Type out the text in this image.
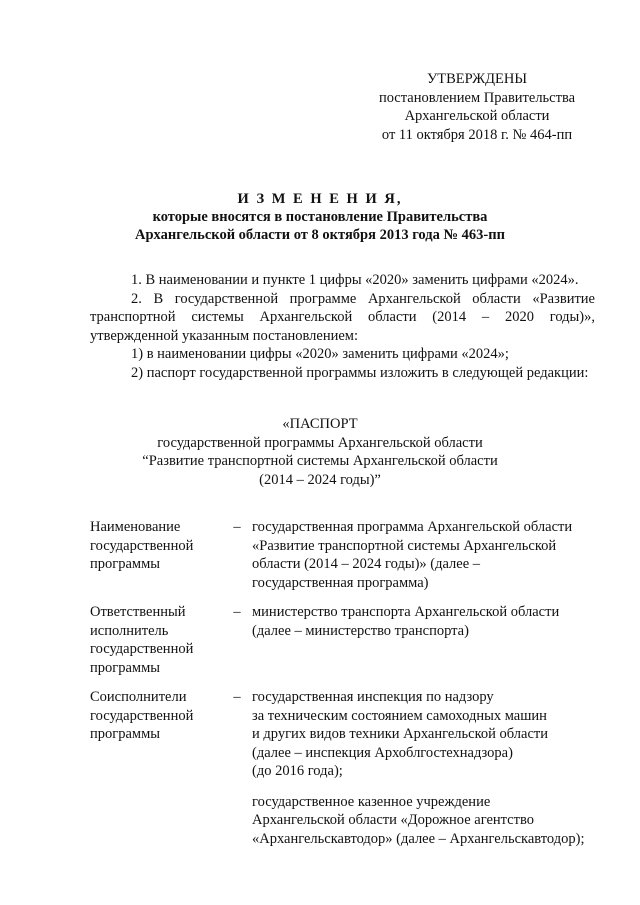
УТВЕРЖДЕНЫ
постановлением Правительства
Архангельской области
от 11 октября 2018 г. № 464-пп
И З М Е Н Е Н И Я,
которые вносятся в постановление Правительства
Архангельской области от 8 октября 2013 года № 463-пп
1. В наименовании и пункте 1 цифры «2020» заменить цифрами «2024».
2. В государственной программе Архангельской области «Развитие
транспортной системы Архангельской области (2014 – 2020 годы)»,
утвержденной указанным постановлением:
1) в наименовании цифры «2020» заменить цифрами «2024»;
2) паспорт государственной программы изложить в следующей редакции:
«ПАСПОРТ
государственной программы Архангельской области
“Развитие транспортной системы Архангельской области
(2014 – 2024 годы)”
Наименование
государственной
программы
– государственная программа Архангельской области
«Развитие транспортной системы Архангельской
области (2014 – 2024 годы)» (далее –
государственная программа)
Ответственный
исполнитель
государственной
программы
– министерство транспорта Архангельской области
(далее – министерство транспорта)
Соисполнители
государственной
программы
– государственная инспекция по надзору
за техническим состоянием самоходных машин
и других видов техники Архангельской области
(далее – инспекция Архоблгостехнадзора)
(до 2016 года);
государственное казенное учреждение
Архангельской области «Дорожное агентство
«Архангельскавтодор» (далее – Архангельскавтодор);
